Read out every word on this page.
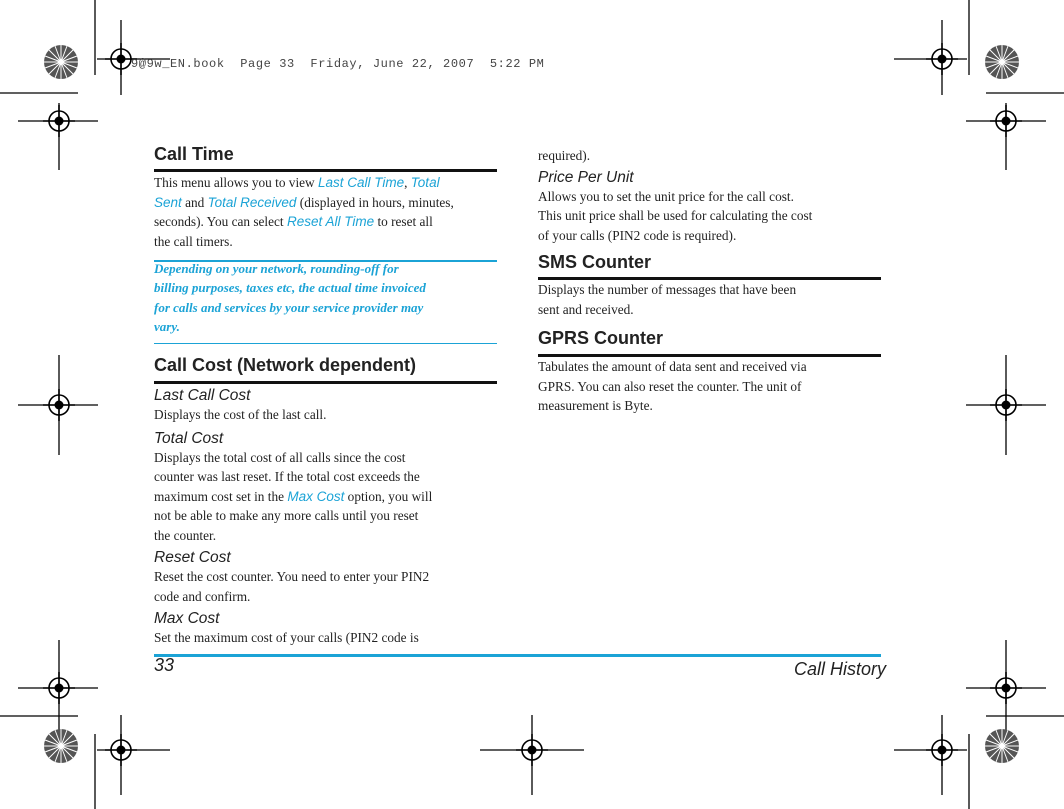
9@9w_EN.book  Page 33  Friday, June 22, 2007  5:22 PM
Call Time

This menu allows you to view Last Call Time, Total
Sent and Total Received (displayed in hours, minutes,
seconds). You can select Reset All Time to reset all
the call timers.

Depending on your network, rounding-off for
billing purposes, taxes etc, the actual time invoiced
for calls and services by your service provider may
vary.

Call Cost (Network dependent)

Last Call Cost

Displays the cost of the last call.

Total Cost

Displays the total cost of all calls since the cost
counter was last reset. If the total cost exceeds the
maximum cost set in the Max Cost option, you will
not be able to make any more calls until you reset
the counter.

Reset Cost

Reset the cost counter. You need to enter your PIN2
code and confirm.

Max Cost

Set the maximum cost of your calls (PIN2 code is

required).

Price Per Unit

Allows you to set the unit price for the call cost.
This unit price shall be used for calculating the cost
of your calls (PIN2 code is required).

SMS Counter

Displays the number of messages that have been
sent and received.

GPRS Counter

Tabulates the amount of data sent and received via
GPRS. You can also reset the counter. The unit of
measurement is Byte.

33	Call History
